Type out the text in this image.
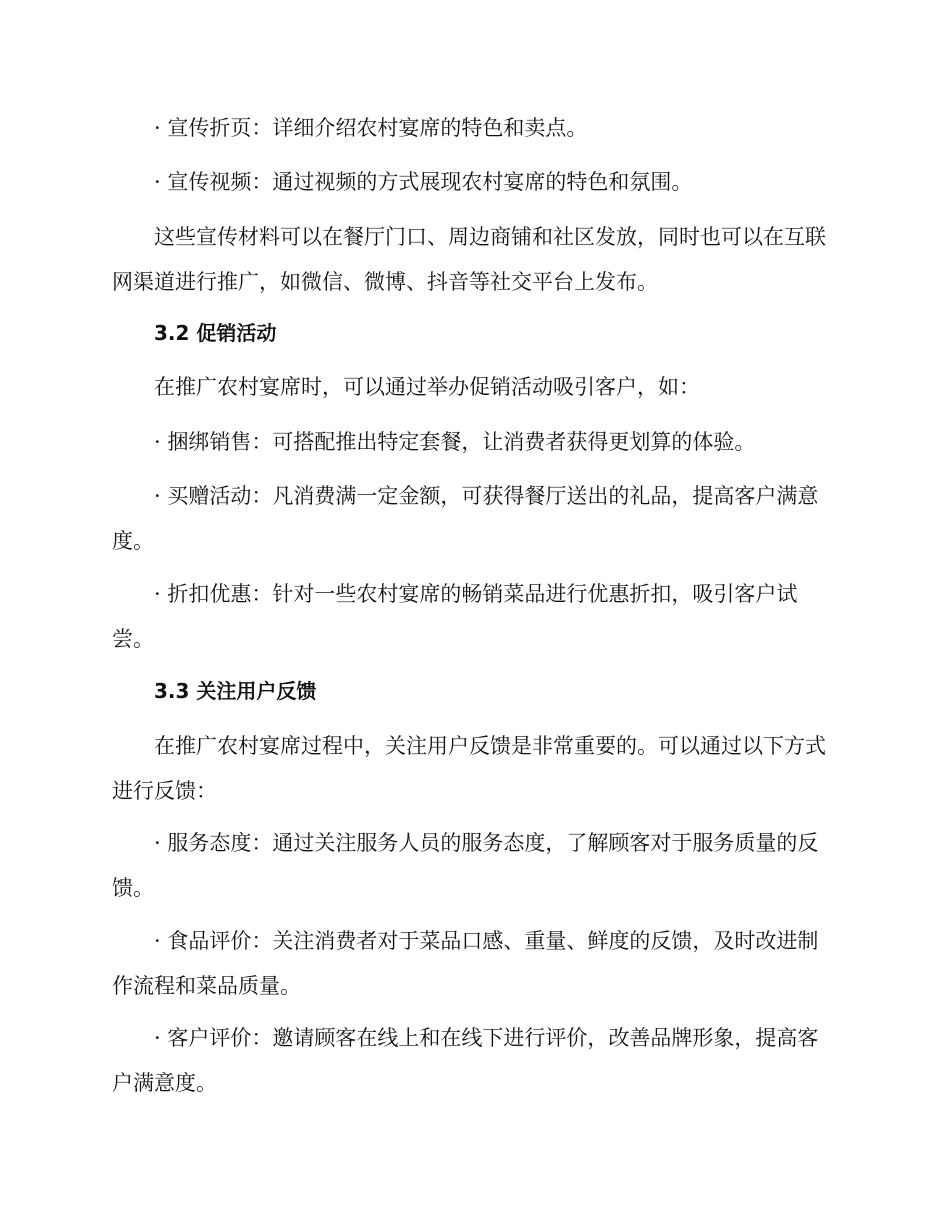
· 宣传折页：详细介绍农村宴席的特色和卖点。

· 宣传视频：通过视频的方式展现农村宴席的特色和氛围。

这些宣传材料可以在餐厅门口、周边商铺和社区发放，同时也可以在互联网渠道进行推广，如微信、微博、抖音等社交平台上发布。

3.2 促销活动

在推广农村宴席时，可以通过举办促销活动吸引客户，如：

· 捆绑销售：可搭配推出特定套餐，让消费者获得更划算的体验。

· 买赠活动：凡消费满一定金额，可获得餐厅送出的礼品，提高客户满意度。

· 折扣优惠：针对一些农村宴席的畅销菜品进行优惠折扣，吸引客户试尝。

3.3 关注用户反馈

在推广农村宴席过程中，关注用户反馈是非常重要的。可以通过以下方式进行反馈：

· 服务态度：通过关注服务人员的服务态度，了解顾客对于服务质量的反馈。

· 食品评价：关注消费者对于菜品口感、重量、鲜度的反馈，及时改进制作流程和菜品质量。

· 客户评价：邀请顾客在线上和在线下进行评价，改善品牌形象，提高客户满意度。
